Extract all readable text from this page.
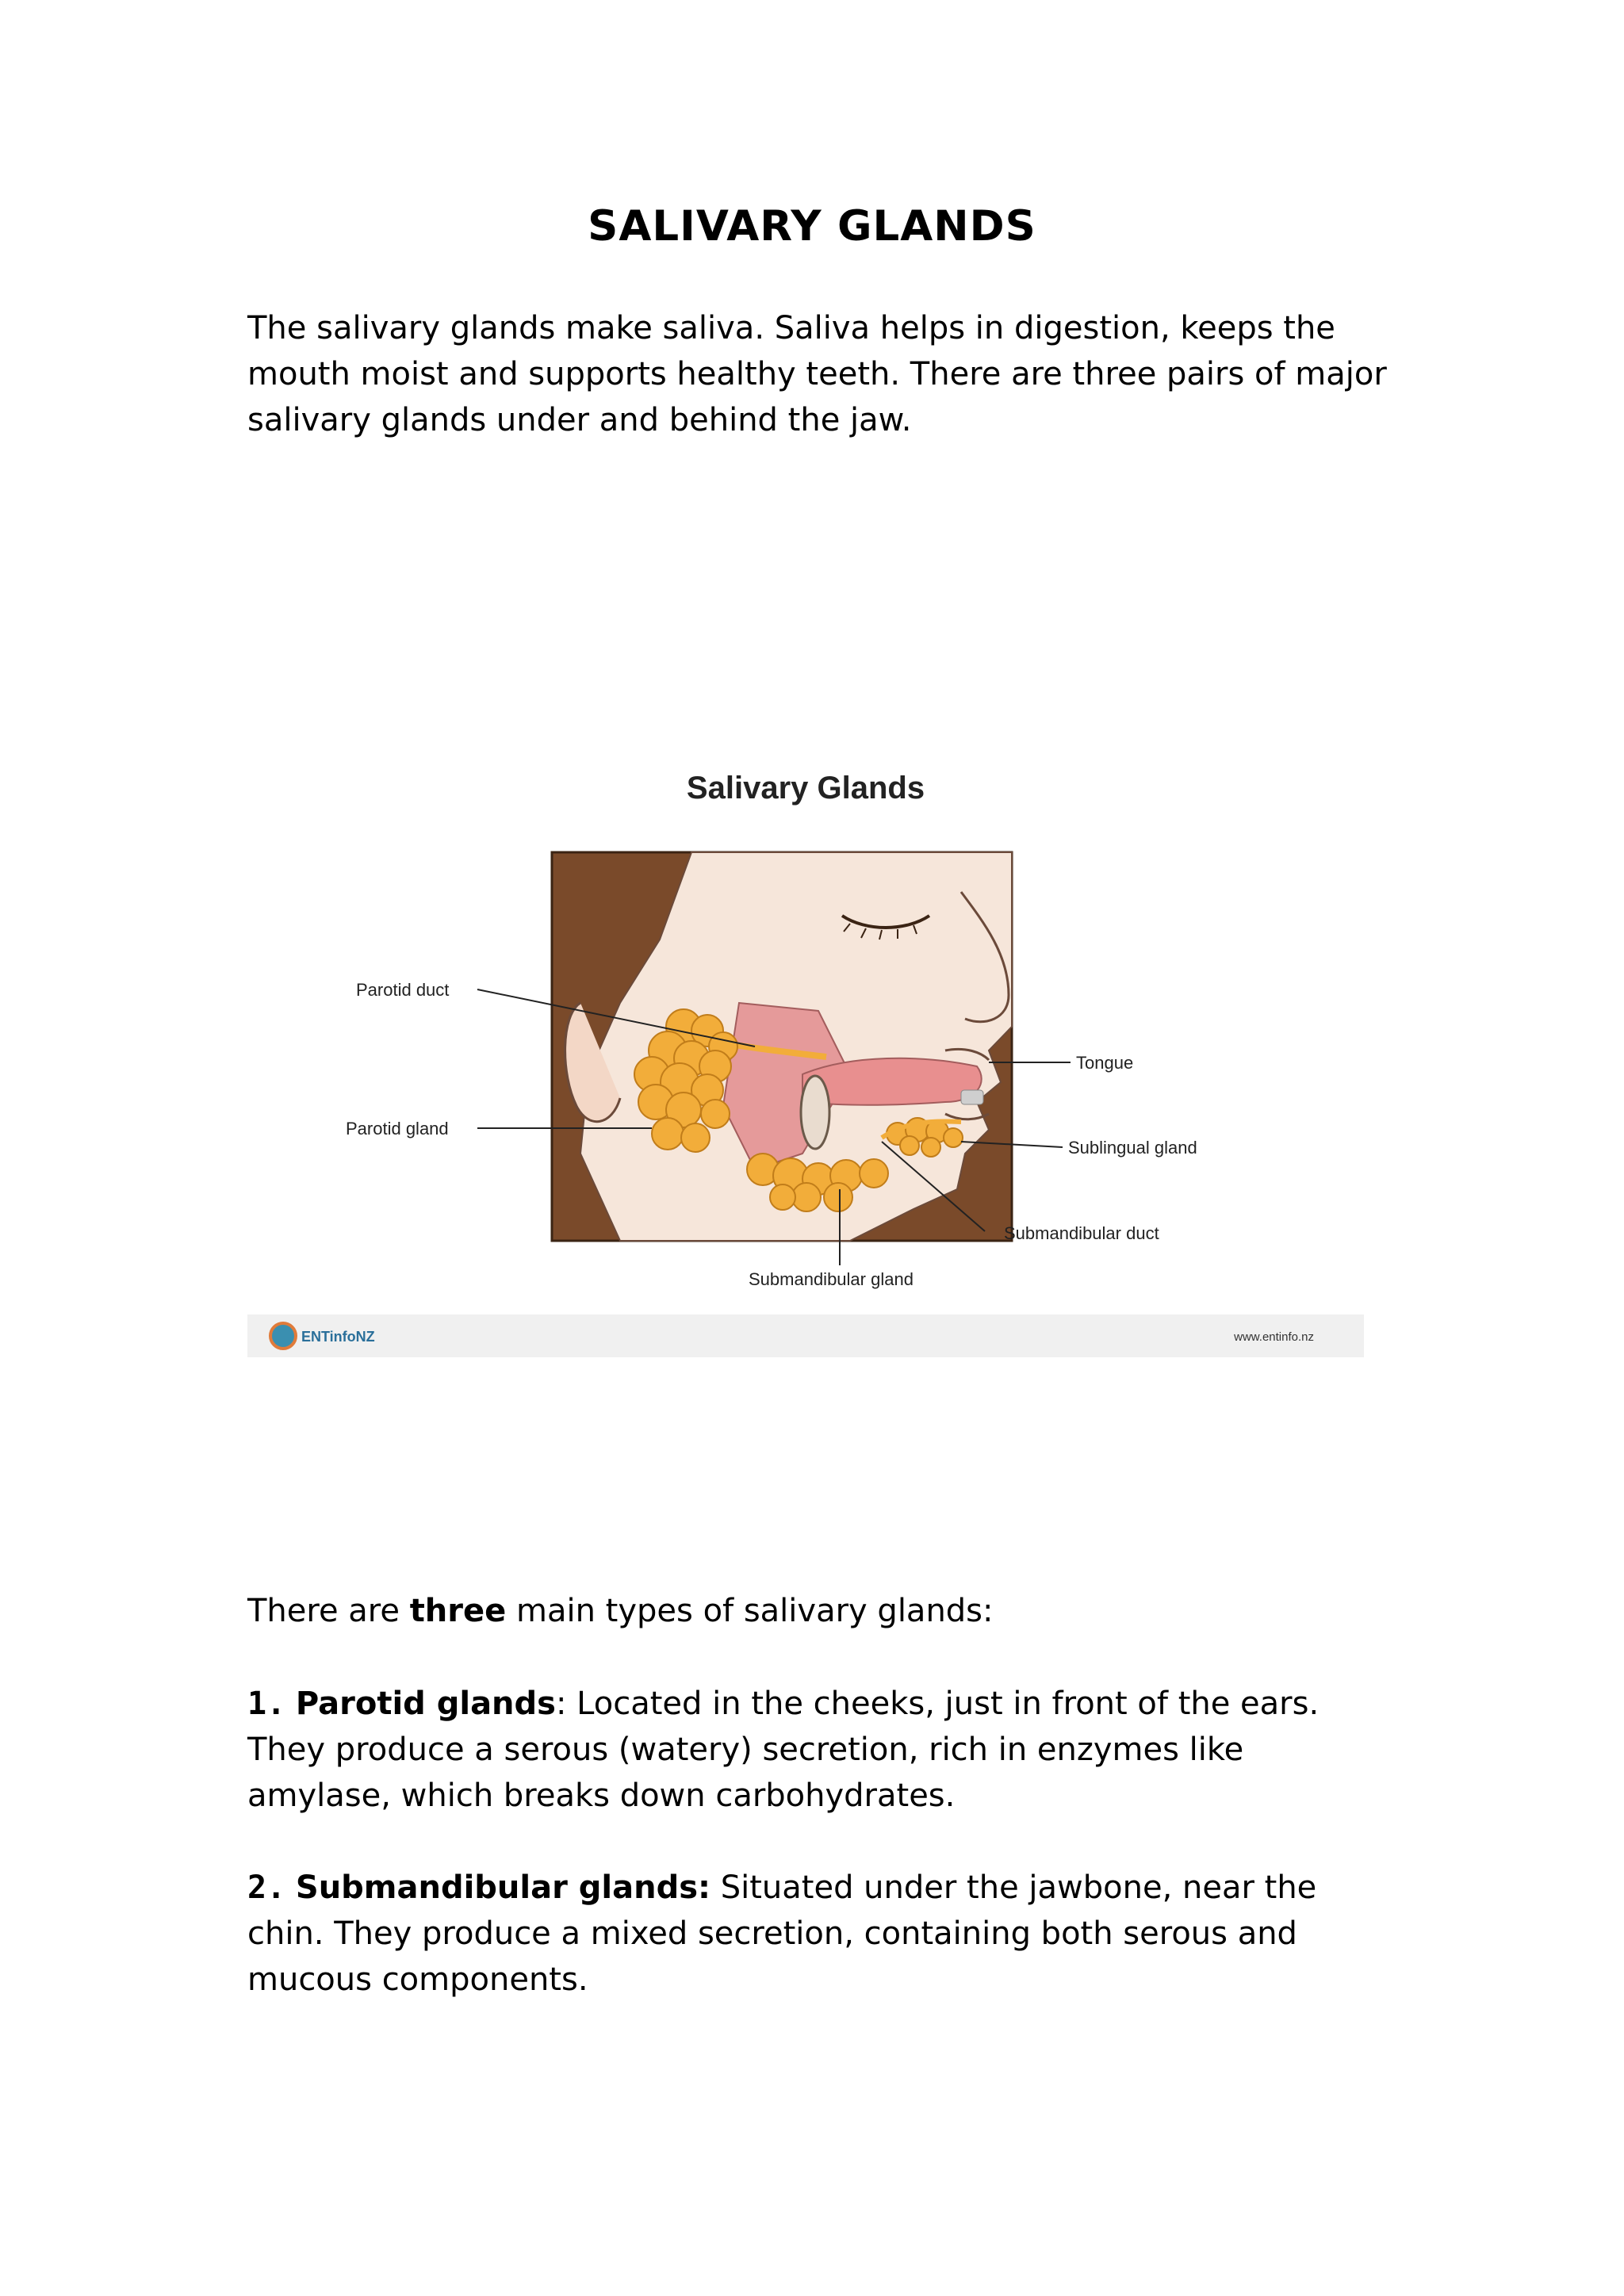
SALIVARY GLANDS

The salivary glands make saliva. Saliva helps in digestion, keeps the mouth moist and supports healthy teeth. There are three pairs of major salivary glands under and behind the jaw.

Salivary Glands
Parotid duct
Parotid gland
Tongue
Sublingual gland
Submandibular duct
Submandibular gland
ENTinfoNZ	www.entinfo.nz

There are three main types of salivary glands:

1. Parotid glands: Located in the cheeks, just in front of the ears. They produce a serous (watery) secretion, rich in enzymes like amylase, which breaks down carbohydrates.

2. Submandibular glands: Situated under the jawbone, near the chin. They produce a mixed secretion, containing both serous and mucous components.
